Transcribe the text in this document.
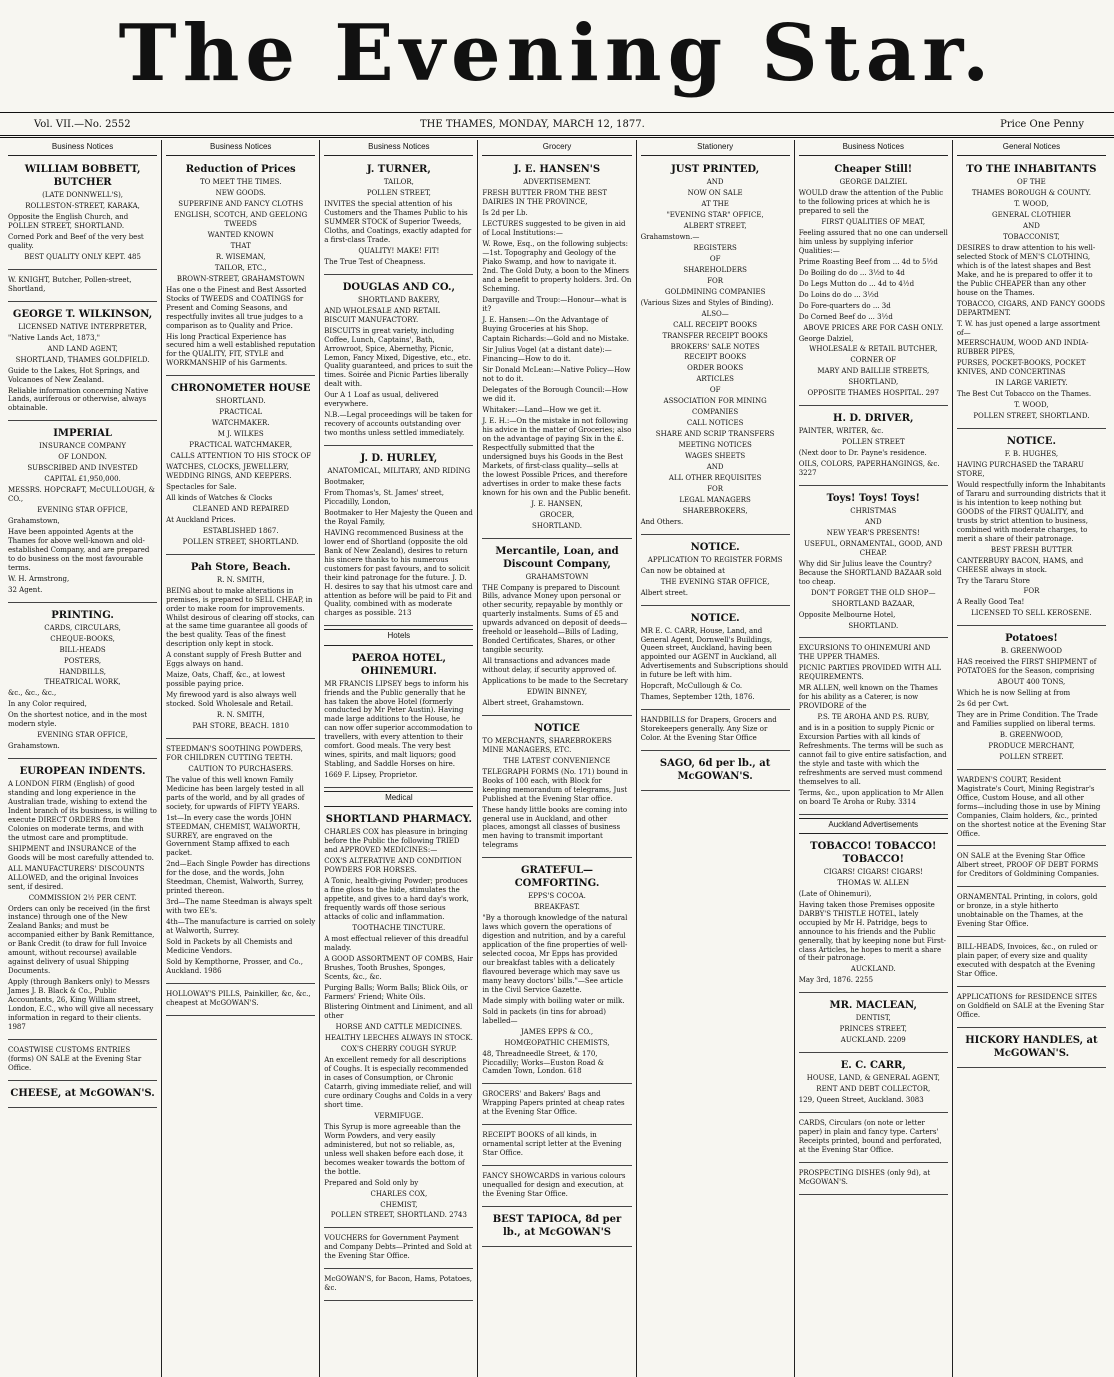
The Evening Star.
Vol. VII.—No. 2552	THE THAMES, MONDAY, MARCH 12, 1877.	Price One Penny
Business Notices

WILLIAM BOBBETT, BUTCHER

(LATE DONNWELL'S),

ROLLESTON-STREET, KARAKA,

Opposite the English Church, and POLLEN STREET, SHORTLAND.

Corned Pork and Beef of the very best quality.

BEST QUALITY ONLY KEPT. 485

W. KNIGHT, Butcher, Pollen-street, Shortland,

GEORGE T. WILKINSON,

LICENSED NATIVE INTERPRETER,

"Native Lands Act, 1873,"

AND LAND AGENT,

SHORTLAND, THAMES GOLDFIELD.

Guide to the Lakes, Hot Springs, and Volcanoes of New Zealand.

Reliable information concerning Native Lands, auriferous or otherwise, always obtainable.

IMPERIAL

INSURANCE COMPANY

OF LONDON.

SUBSCRIBED AND INVESTED

CAPITAL £1,950,000.

MESSRS. HOPCRAFT, McCULLOUGH, & CO.,

EVENING STAR OFFICE,

Grahamstown,

Have been appointed Agents at the Thames for above well-known and old-established Company, and are prepared to do business on the most favourable terms.

W. H. Armstrong,

32 Agent.

PRINTING.

CARDS, CIRCULARS,

CHEQUE-BOOKS,

BILL-HEADS

POSTERS,

HANDBILLS,

THEATRICAL WORK,

&c., &c., &c.,

In any Color required,

On the shortest notice, and in the most modern style.

EVENING STAR OFFICE,

Grahamstown.

EUROPEAN INDENTS.

A LONDON FIRM (English) of good standing and long experience in the Australian trade, wishing to extend the Indent branch of its business, is willing to execute DIRECT ORDERS from the Colonies on moderate terms, and with the utmost care and promptitude.

SHIPMENT and INSURANCE of the Goods will be most carefully attended to.

ALL MANUFACTURERS' DISCOUNTS ALLOWED, and the original Invoices sent, if desired.

COMMISSION 2½ PER CENT.

Orders can only be received (in the first instance) through one of the New Zealand Banks; and must be accompanied either by Bank Remittance, or Bank Credit (to draw for full Invoice amount, without recourse) available against delivery of usual Shipping Documents.

Apply (through Bankers only) to Messrs James J. B. Black & Co., Public Accountants, 26, King William street, London, E.C., who will give all necessary information in regard to their clients. 1987

COASTWISE CUSTOMS ENTRIES (forms) ON SALE at the Evening Star Office.

CHEESE, at McGOWAN'S.

Business Notices

Reduction of Prices

TO MEET THE TIMES.

NEW GOODS.

SUPERFINE AND FANCY CLOTHS

ENGLISH, SCOTCH, AND GEELONG TWEEDS

WANTED KNOWN

THAT

R. WISEMAN,

TAILOR, ETC.,

BROWN-STREET, GRAHAMSTOWN

Has one o the Finest and Best Assorted Stocks of TWEEDS and COATINGS for Present and Coming Seasons, and respectfully invites all true judges to a comparison as to Quality and Price.

His long Practical Experience has secured him a well established reputation for the QUALITY, FIT, STYLE and WORKMANSHIP of his Garments.

CHRONOMETER HOUSE

SHORTLAND.

PRACTICAL

WATCHMAKER.

M J. WILKES

PRACTICAL WATCHMAKER,

CALLS ATTENTION TO HIS STOCK OF

WATCHES, CLOCKS, JEWELLERY, WEDDING RINGS, AND KEEPERS.

Spectacles for Sale.

All kinds of Watches & Clocks

CLEANED AND REPAIRED

At Auckland Prices.

ESTABLISHED 1867.

POLLEN STREET, SHORTLAND.

Pah Store, Beach.

R. N. SMITH,

BEING about to make alterations in premises, is prepared to SELL CHEAP, in order to make room for improvements. Whilst desirous of clearing off stocks, can at the same time guarantee all goods of the best quality. Teas of the finest description only kept in stock.

A constant supply of Fresh Butter and Eggs always on hand.

Maize, Oats, Chaff, &c., at lowest possible paying price.

My firewood yard is also always well stocked. Sold Wholesale and Retail.

R. N. SMITH,

PAH STORE, BEACH. 1810

STEEDMAN'S SOOTHING POWDERS, FOR CHILDREN CUTTING TEETH.

CAUTION TO PURCHASERS.

The value of this well known Family Medicine has been largely tested in all parts of the world, and by all grades of society, for upwards of FIFTY YEARS.

1st—In every case the words JOHN STEEDMAN, CHEMIST, WALWORTH, SURREY, are engraved on the Government Stamp affixed to each packet.

2nd—Each Single Powder has directions for the dose, and the words, John Steedman, Chemist, Walworth, Surrey, printed thereon.

3rd—The name Steedman is always spelt with two EE's.

4th—The manufacture is carried on solely at Walworth, Surrey.

Sold in Packets by all Chemists and Medicine Vendors.

Sold by Kempthorne, Prosser, and Co., Auckland. 1986

HOLLOWAY'S PILLS, Painkiller, &c, &c., cheapest at McGOWAN'S.

Business Notices

J. TURNER,

TAILOR,

POLLEN STREET,

INVITES the special attention of his Customers and the Thames Public to his SUMMER STOCK of Superior Tweeds, Cloths, and Coatings, exactly adapted for a first-class Trade.

QUALITY! MAKE! FIT!

The True Test of Cheapness.

DOUGLAS AND CO.,

SHORTLAND BAKERY,

AND WHOLESALE AND RETAIL BISCUIT MANUFACTORY.

BISCUITS in great variety, including Coffee, Lunch, Captains', Bath, Arrowroot, Spice, Abernethy, Picnic, Lemon, Fancy Mixed, Digestive, etc., etc. Quality guaranteed, and prices to suit the times. Soirée and Picnic Parties liberally dealt with.

Our A 1 Loaf as usual, delivered everywhere.

N.B.—Legal proceedings will be taken for recovery of accounts outstanding over two months unless settled immediately.

J. D. HURLEY,

ANATOMICAL, MILITARY, AND RIDING

Bootmaker,

From Thomas's, St. James' street, Piccadilly, London,

Bootmaker to Her Majesty the Queen and the Royal Family,

HAVING recommenced Business at the lower end of Shortland (opposite the old Bank of New Zealand), desires to return his sincere thanks to his numerous customers for past favours, and to solicit their kind patronage for the future. J. D. H. desires to say that his utmost care and attention as before will be paid to Fit and Quality, combined with as moderate charges as possible. 213

Hotels

PAEROA HOTEL, OHINEMURI.

MR FRANCIS LIPSEY begs to inform his friends and the Public generally that he has taken the above Hotel (formerly conducted by Mr Peter Austin). Having made large additions to the House, he can now offer superior accommodation to travellers, with every attention to their comfort. Good meals. The very best wines, spirits, and malt liquors; good Stabling, and Saddle Horses on hire.

1669 F. Lipsey, Proprietor.

Medical

SHORTLAND PHARMACY.

CHARLES COX has pleasure in bringing before the Public the following TRIED and APPROVED MEDICINES:—

COX'S ALTERATIVE AND CONDITION POWDERS FOR HORSES.

A Tonic, health-giving Powder; produces a fine gloss to the hide, stimulates the appetite, and gives to a hard day's work, frequently wards off those serious attacks of colic and inflammation.

TOOTHACHE TINCTURE.

A most effectual reliever of this dreadful malady.

A GOOD ASSORTMENT OF COMBS, Hair Brushes, Tooth Brushes, Sponges, Scents, &c., &c.

Purging Balls; Worm Balls; Blick Oils, or Farmers' Friend; White Oils.

Blistering Ointment and Liniment, and all other

HORSE AND CATTLE MEDICINES.

HEALTHY LEECHES ALWAYS IN STOCK.

COX'S CHERRY COUGH SYRUP.

An excellent remedy for all descriptions of Coughs. It is especially recommended in cases of Consumption, or Chronic Catarrh, giving immediate relief, and will cure ordinary Coughs and Colds in a very short time.

VERMIFUGE.

This Syrup is more agreeable than the Worm Powders, and very easily administered, but not so reliable, as, unless well shaken before each dose, it becomes weaker towards the bottom of the bottle.

Prepared and Sold only by

CHARLES COX,

CHEMIST,

POLLEN STREET, SHORTLAND. 2743

VOUCHERS for Government Payment and Company Debts—Printed and Sold at the Evening Star Office.

McGOWAN'S, for Bacon, Hams, Potatoes, &c.

Grocery

J. E. HANSEN'S

ADVERTISEMENT.

FRESH BUTTER FROM THE BEST DAIRIES IN THE PROVINCE,

Is 2d per Lb.

LECTURES suggested to be given in aid of Local Institutions:—

W. Rowe, Esq., on the following subjects:—1st. Topography and Geology of the Piako Swamp, and how to navigate it. 2nd. The Gold Duty, a boon to the Miners and a benefit to property holders. 3rd. On Scheming.

Dargaville and Troup:—Honour—what is it?

J. E. Hansen:—On the Advantage of Buying Groceries at his Shop.

Captain Richards:—Gold and no Mistake.

Sir Julius Vogel (at a distant date):—Financing—How to do it.

Sir Donald McLean:—Native Policy—How not to do it.

Delegates of the Borough Council:—How we did it.

Whitaker:—Land—How we get it.

J. E. H.:—On the mistake in not following his advice in the matter of Groceries; also on the advantage of paying Six in the £. Respectfully submitted that the undersigned buys his Goods in the Best Markets, of first-class quality—sells at the lowest Possible Prices, and therefore advertises in order to make these facts known for his own and the Public benefit.

J. E. HANSEN,

GROCER,

SHORTLAND.

Mercantile, Loan, and Discount Company,

GRAHAMSTOWN

THE Company is prepared to Discount Bills, advance Money upon personal or other security, repayable by monthly or quarterly instalments. Sums of £5 and upwards advanced on deposit of deeds—freehold or leasehold—Bills of Lading, Bonded Certificates, Shares, or other tangible security.

All transactions and advances made without delay, if security approved of.

Applications to be made to the Secretary

EDWIN BINNEY,

Albert street, Grahamstown.

NOTICE

TO MERCHANTS, SHAREBROKERS MINE MANAGERS, ETC.

THE LATEST CONVENIENCE

TELEGRAPH FORMS (No. 171) bound in Books of 100 each, with Block for keeping memorandum of telegrams, Just Published at the Evening Star office.

These handy little books are coming into general use in Auckland, and other places, amongst all classes of business men having to transmit important telegrams

GRATEFUL—COMFORTING.

EPPS'S COCOA.

BREAKFAST.

"By a thorough knowledge of the natural laws which govern the operations of digestion and nutrition, and by a careful application of the fine properties of well-selected cocoa, Mr Epps has provided our breakfast tables with a delicately flavoured beverage which may save us many heavy doctors' bills."—See article in the Civil Service Gazette.

Made simply with boiling water or milk.

Sold in packets (in tins for abroad) labelled—

JAMES EPPS & CO.,

HOMŒOPATHIC CHEMISTS,

48, Threadneedle Street, & 170, Piccadilly; Works—Euston Road & Camden Town, London. 618

GROCERS' and Bakers' Bags and Wrapping Papers printed at cheap rates at the Evening Star Office.

RECEIPT BOOKS of all kinds, in ornamental script letter at the Evening Star Office.

FANCY SHOWCARDS in various colours unequalled for design and execution, at the Evening Star Office.

BEST TAPIOCA, 8d per lb., at McGOWAN'S

Stationery

JUST PRINTED,

AND

NOW ON SALE

AT THE

"EVENING STAR" OFFICE,

ALBERT STREET,

Grahamstown.—

REGISTERS

OF

SHAREHOLDERS

FOR

GOLDMINING COMPANIES

(Various Sizes and Styles of Binding).

ALSO—

CALL RECEIPT BOOKS

TRANSFER RECEIPT BOOKS

BROKERS' SALE NOTES

RECEIPT BOOKS

ORDER BOOKS

ARTICLES

OF

ASSOCIATION FOR MINING

COMPANIES

CALL NOTICES

SHARE AND SCRIP TRANSFERS

MEETING NOTICES

WAGES SHEETS

AND

ALL OTHER REQUISITES

FOR

LEGAL MANAGERS

SHAREBROKERS,

And Others.

NOTICE.

APPLICATION TO REGISTER FORMS

Can now be obtained at

THE EVENING STAR OFFICE,

Albert street.

NOTICE.

MR E. C. CARR, House, Land, and General Agent, Dornwell's Buildings, Queen street, Auckland, having been appointed our AGENT in Auckland, all Advertisements and Subscriptions should in future be left with him.

Hopcraft, McCullough & Co.

Thames, September 12th, 1876.

HANDBILLS for Drapers, Grocers and Storekeepers generally. Any Size or Color. At the Evening Star Office

SAGO, 6d per lb., at McGOWAN'S.

Business Notices

Cheaper Still!

GEORGE DALZIEL

WOULD draw the attention of the Public to the following prices at which he is prepared to sell the

FIRST QUALITIES OF MEAT,

Feeling assured that no one can undersell him unless by supplying inferior Qualities:—

Prime Roasting Beef from ... 4d to 5½d

Do Boiling do do ... 3½d to 4d

Do Legs Mutton do ... 4d to 4½d

Do Loins do do ... 3½d

Do Fore-quarters do ... 3d

Do Corned Beef do ... 3½d

ABOVE PRICES ARE FOR CASH ONLY.

George Dalziel,

WHOLESALE & RETAIL BUTCHER,

CORNER OF

MARY AND BAILLIE STREETS,

SHORTLAND,

OPPOSITE THAMES HOSPITAL. 297

H. D. DRIVER,

PAINTER, WRITER, &c.

POLLEN STREET

(Next door to Dr. Payne's residence.

OILS, COLORS, PAPERHANGINGS, &c. 3227

Toys! Toys! Toys!

CHRISTMAS

AND

NEW YEAR'S PRESENTS!

USEFUL, ORNAMENTAL, GOOD, AND CHEAP.

Why did Sir Julius leave the Country? Because the SHORTLAND BAZAAR sold too cheap.

DON'T FORGET THE OLD SHOP—

SHORTLAND BAZAAR,

Opposite Melbourne Hotel,

SHORTLAND.

EXCURSIONS TO OHINEMURI AND THE UPPER THAMES.

PICNIC PARTIES PROVIDED WITH ALL REQUIREMENTS.

MR ALLEN, well known on the Thames for his ability as a Caterer, is now PROVIDORE of the

P.S. TE AROHA AND P.S. RUBY,

and is in a position to supply Picnic or Excursion Parties with all kinds of Refreshments. The terms will be such as cannot fail to give entire satisfaction, and the style and taste with which the refreshments are served must commend themselves to all.

Terms, &c., upon application to Mr Allen on board Te Aroha or Ruby. 3314

Auckland Advertisements

TOBACCO! TOBACCO! TOBACCO!

CIGARS! CIGARS! CIGARS!

THOMAS W. ALLEN

(Late of Ohinemuri),

Having taken those Premises opposite DARBY'S THISTLE HOTEL, lately occupied by Mr H. Patridge, begs to announce to his friends and the Public generally, that by keeping none but First-class Articles, he hopes to merit a share of their patronage.

AUCKLAND.

May 3rd, 1876. 2255

MR. MACLEAN,

DENTIST,

PRINCES STREET,

AUCKLAND. 2209

E. C. CARR,

HOUSE, LAND, & GENERAL AGENT,

RENT AND DEBT COLLECTOR,

129, Queen Street, Auckland. 3083

CARDS, Circulars (on note or letter paper) in plain and fancy type. Carters' Receipts printed, bound and perforated, at the Evening Star Office.

PROSPECTING DISHES (only 9d), at McGOWAN'S.

General Notices

TO THE INHABITANTS

OF THE

THAMES BOROUGH & COUNTY.

T. WOOD,

GENERAL CLOTHIER

AND

TOBACCONIST,

DESIRES to draw attention to his well-selected Stock of MEN'S CLOTHING, which is of the latest shapes and Best Make, and he is prepared to offer it to the Public CHEAPER than any other house on the Thames.

TOBACCO, CIGARS, AND FANCY GOODS DEPARTMENT.

T. W. has just opened a large assortment of—

MEERSCHAUM, WOOD AND INDIA-RUBBER PIPES,

PURSES, POCKET-BOOKS, POCKET KNIVES, AND CONCERTINAS

IN LARGE VARIETY.

The Best Cut Tobacco on the Thames.

T. WOOD,

POLLEN STREET, SHORTLAND.

NOTICE.

F. B. HUGHES,

HAVING PURCHASED the TARARU STORE,

Would respectfully inform the Inhabitants of Tararu and surrounding districts that it is his intention to keep nothing but GOODS of the FIRST QUALITY, and trusts by strict attention to business, combined with moderate charges, to merit a share of their patronage.

BEST FRESH BUTTER

CANTERBURY BACON, HAMS, and CHEESE always in stock.

Try the Tararu Store

FOR

A Really Good Tea!

LICENSED TO SELL KEROSENE.

Potatoes!

B. GREENWOOD

HAS received the FIRST SHIPMENT of POTATOES for the Season, comprising

ABOUT 400 TONS,

Which he is now Selling at from

2s 6d per Cwt.

They are in Prime Condition. The Trade and Families supplied on liberal terms.

B. GREENWOOD,

PRODUCE MERCHANT,

POLLEN STREET.

WARDEN'S COURT, Resident Magistrate's Court, Mining Registrar's Office, Custom House, and all other forms—including those in use by Mining Companies, Claim holders, &c., printed on the shortest notice at the Evening Star Office.

ON SALE at the Evening Star Office Albert street, PROOF OF DEBT FORMS for Creditors of Goldmining Companies.

ORNAMENTAL Printing, in colors, gold or bronze, in a style hitherto unobtainable on the Thames, at the Evening Star Office.

BILL-HEADS, Invoices, &c., on ruled or plain paper, of every size and quality executed with despatch at the Evening Star Office.

APPLICATIONS for RESIDENCE SITES on Goldfield on SALE at the Evening Star Office.

HICKORY HANDLES, at McGOWAN'S.
